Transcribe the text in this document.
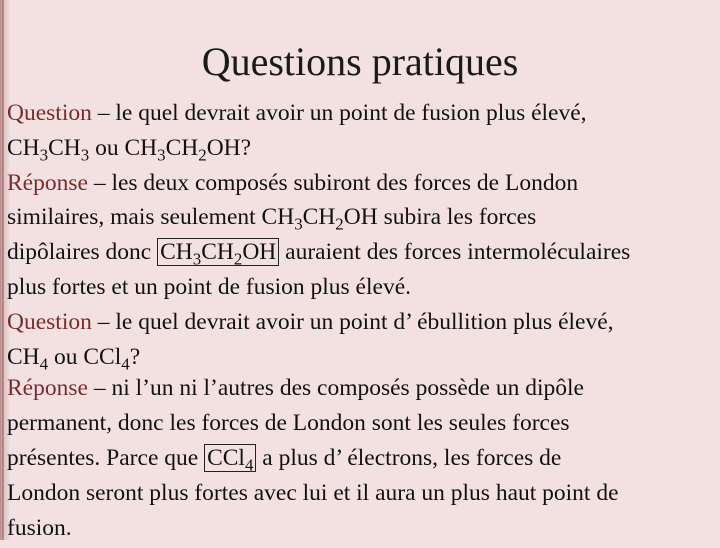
Questions pratiques
Question – le quel devrait avoir un point de fusion plus élevé,
$CH_3CH_3$ ou $CH_3CH_2OH$?
Réponse – les deux composés subiront des forces de London
similaires, mais seulement $CH_3CH_2OH$ subira les forces
dipôlaires donc $CH_3CH_2OH$ auraient des forces intermoléculaires
plus fortes et un point de fusion plus élevé.
Question – le quel devrait avoir un point d’ ébullition plus élevé,
$CH_4$ ou CCl$_4$?
Réponse – ni l’un ni l’autres des composés possède un dipôle
permanent, donc les forces de London sont les seules forces
présentes. Parce que CCl$_4$ a plus d’ électrons, les forces de
London seront plus fortes avec lui et il aura un plus haut point de
fusion.
